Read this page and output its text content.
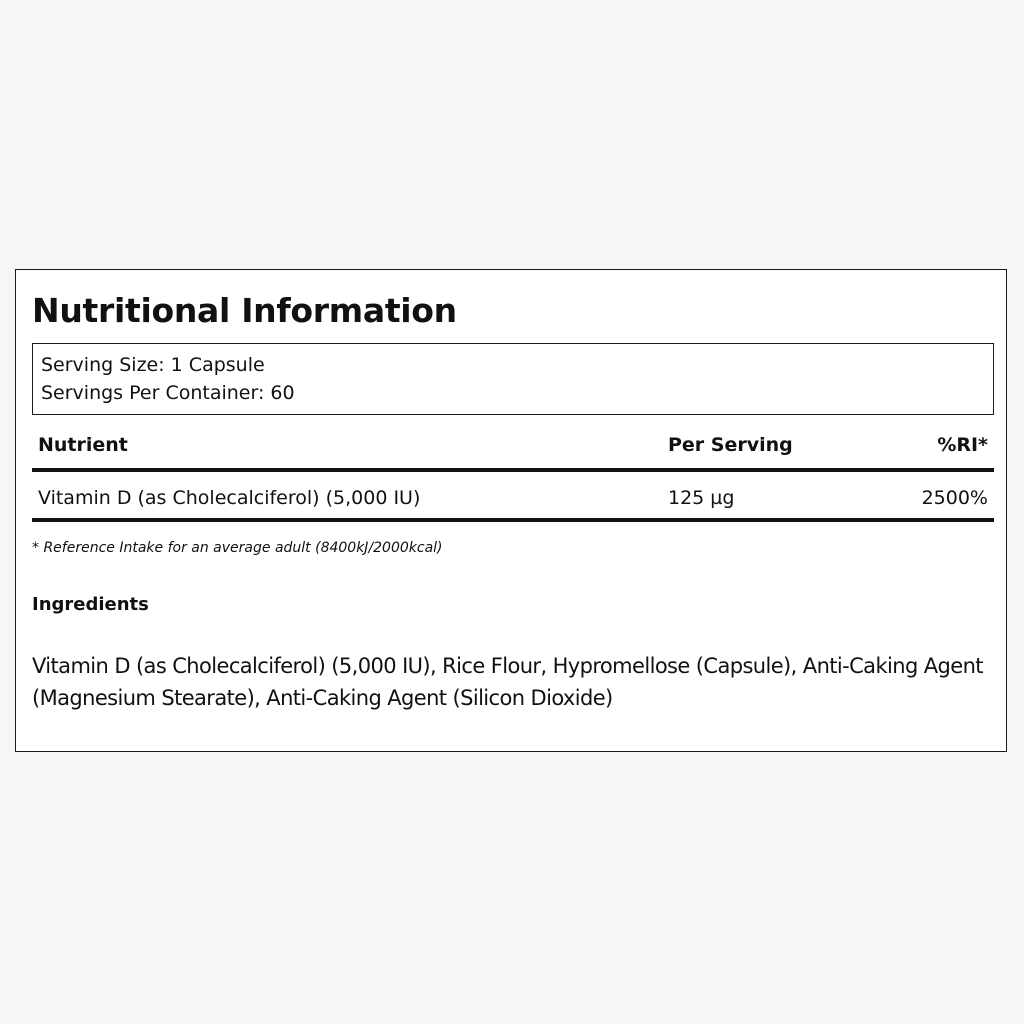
Nutritional Information
Serving Size: 1 Capsule
Servings Per Container: 60
Nutrient	Per Serving	%RI*
Vitamin D (as Cholecalciferol) (5,000 IU)	125 µg	2500%
* Reference Intake for an average adult (8400kJ/2000kcal)
Ingredients
Vitamin D (as Cholecalciferol) (5,000 IU), Rice Flour, Hypromellose (Capsule), Anti-Caking Agent (Magnesium Stearate), Anti-Caking Agent (Silicon Dioxide)
